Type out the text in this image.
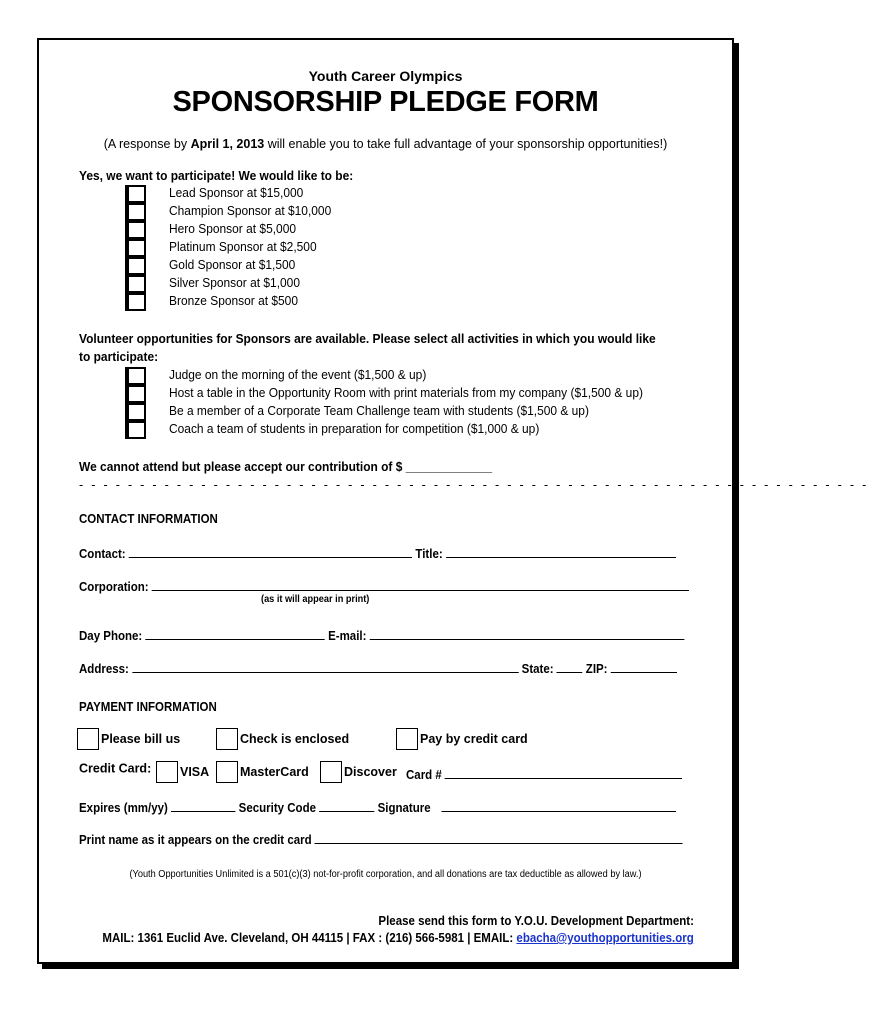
Youth Career Olympics
SPONSORSHIP PLEDGE FORM
(A response by April 1, 2013 will enable you to take full advantage of your sponsorship opportunities!)
Yes, we want to participate! We would like to be:
Lead Sponsor at $15,000
Champion Sponsor at $10,000
Hero Sponsor at $5,000
Platinum Sponsor at $2,500
Gold Sponsor at $1,500
Silver Sponsor at $1,000
Bronze Sponsor at $500
Volunteer opportunities for Sponsors are available. Please select all activities in which you would like
to participate:
Judge on the morning of the event ($1,500 & up)
Host a table in the Opportunity Room with print materials from my company ($1,500 & up)
Be a member of a Corporate Team Challenge team with students ($1,500 & up)
Coach a team of students in preparation for competition ($1,000 & up)
We cannot attend but please accept our contribution of $ _____________
- - - - - - - - - - - - - - - - - - - - - - - - - - - - - - - - - - - - - - - - - - - - - - - - - - - - - - - - - - - - - - - - -
CONTACT INFORMATION
Contact:	Title:
Corporation:
(as it will appear in print)
Day Phone:	E-mail:
Address:	State:	ZIP:
PAYMENT INFORMATION
Please bill us	Check is enclosed	Pay by credit card
Credit Card:	VISA	MasterCard	Discover Card #
Expires (mm/yy)	Security Code	Signature
Print name as it appears on the credit card
(Youth Opportunities Unlimited is a 501(c)(3) not-for-profit corporation, and all donations are tax deductible as allowed by law.)
Please send this form to Y.O.U. Development Department:
MAIL: 1361 Euclid Ave. Cleveland, OH 44115 | FAX : (216) 566-5981 | EMAIL: ebacha@youthopportunities.org
